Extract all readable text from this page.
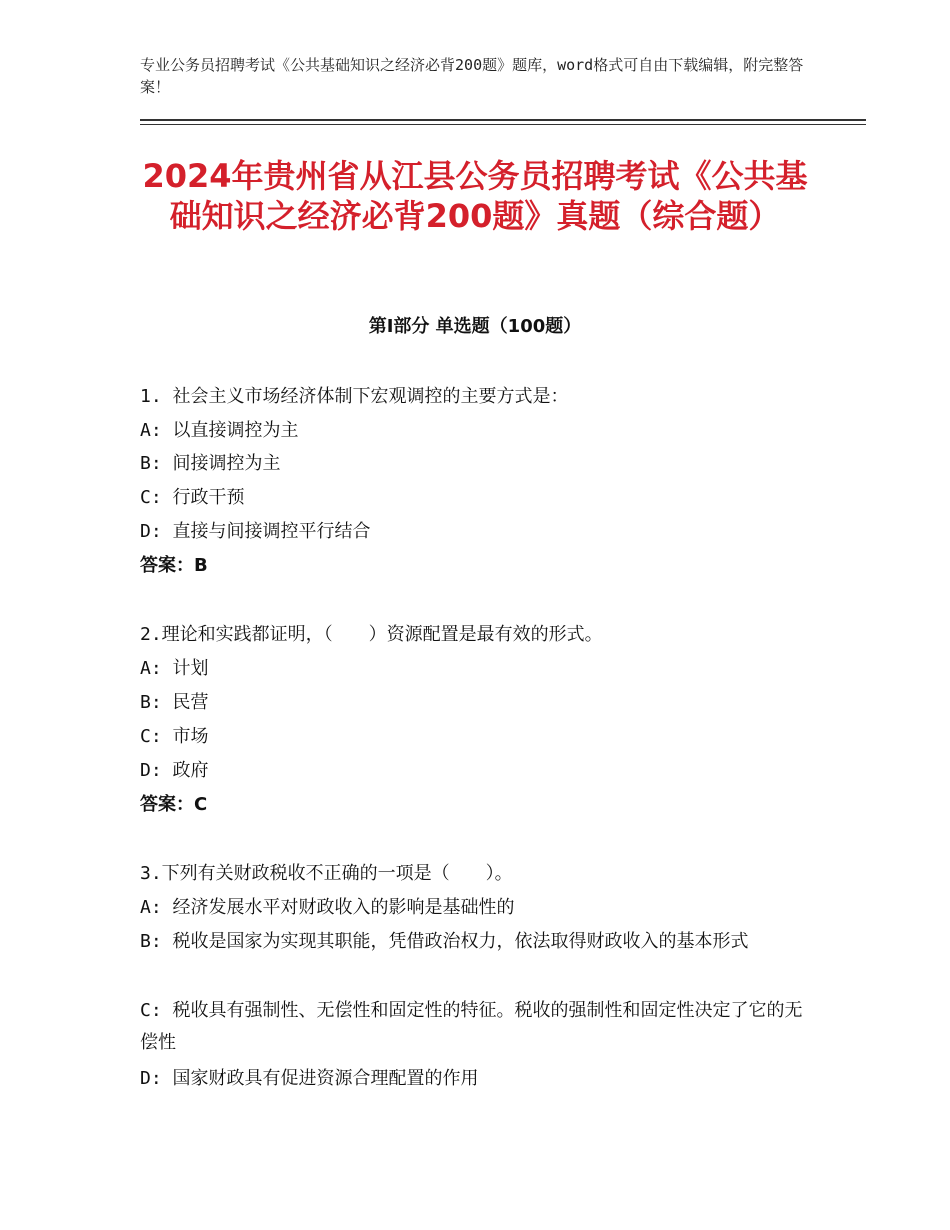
专业公务员招聘考试《公共基础知识之经济必背200题》题库，word格式可自由下载编辑，附完整答案！
2024年贵州省从江县公务员招聘考试《公共基础知识之经济必背200题》真题（综合题）
第Ⅰ部分 单选题（100题）
1. 社会主义市场经济体制下宏观调控的主要方式是：
A: 以直接调控为主
B: 间接调控为主
C: 行政干预
D: 直接与间接调控平行结合
答案：B
2.理论和实践都证明，（　　）资源配置是最有效的形式。
A: 计划
B: 民营
C: 市场
D: 政府
答案：C
3.下列有关财政税收不正确的一项是（　　）。
A: 经济发展水平对财政收入的影响是基础性的
B: 税收是国家为实现其职能，凭借政治权力，依法取得财政收入的基本形式
C: 税收具有强制性、无偿性和固定性的特征。税收的强制性和固定性决定了它的无偿性
D: 国家财政具有促进资源合理配置的作用
